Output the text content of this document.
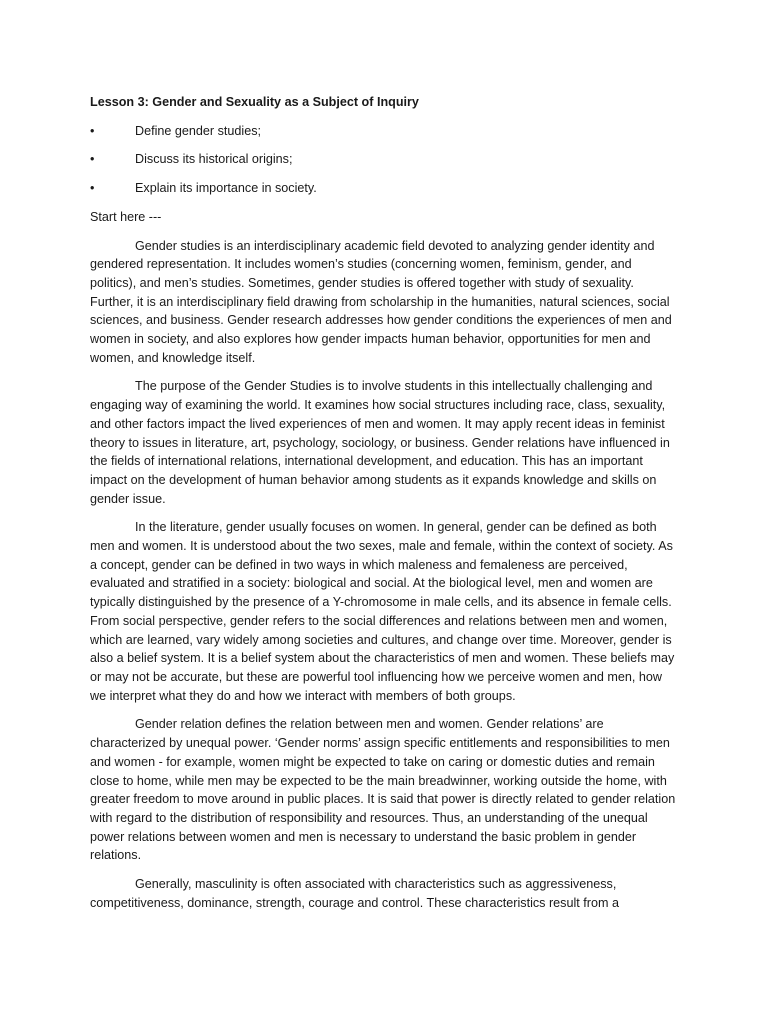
Lesson 3: Gender and Sexuality as a Subject of Inquiry
•	Define gender studies;
•	Discuss its historical origins;
•	Explain its importance in society.
Start here ---

Gender studies is an interdisciplinary academic field devoted to analyzing gender identity and gendered representation. It includes women’s studies (concerning women, feminism, gender, and politics), and men’s studies. Sometimes, gender studies is offered together with study of sexuality. Further, it is an interdisciplinary field drawing from scholarship in the humanities, natural sciences, social sciences, and business. Gender research addresses how gender conditions the experiences of men and women in society, and also explores how gender impacts human behavior, opportunities for men and women, and knowledge itself.

The purpose of the Gender Studies is to involve students in this intellectually challenging and engaging way of examining the world. It examines how social structures including race, class, sexuality, and other factors impact the lived experiences of men and women. It may apply recent ideas in feminist theory to issues in literature, art, psychology, sociology, or business. Gender relations have influenced in the fields of international relations, international development, and education. This has an important impact on the development of human behavior among students as it expands knowledge and skills on gender issue.

In the literature, gender usually focuses on women. In general, gender can be defined as both men and women. It is understood about the two sexes, male and female, within the context of society. As a concept, gender can be defined in two ways in which maleness and femaleness are perceived, evaluated and stratified in a society: biological and social. At the biological level, men and women are typically distinguished by the presence of a Y-chromosome in male cells, and its absence in female cells. From social perspective, gender refers to the social differences and relations between men and women, which are learned, vary widely among societies and cultures, and change over time. Moreover, gender is also a belief system. It is a belief system about the characteristics of men and women. These beliefs may or may not be accurate, but these are powerful tool influencing how we perceive women and men, how we interpret what they do and how we interact with members of both groups.

Gender relation defines the relation between men and women. Gender relations’ are characterized by unequal power. ‘Gender norms’ assign specific entitlements and responsibilities to men and women - for example, women might be expected to take on caring or domestic duties and remain close to home, while men may be expected to be the main breadwinner, working outside the home, with greater freedom to move around in public places. It is said that power is directly related to gender relation with regard to the distribution of responsibility and resources. Thus, an understanding of the unequal power relations between women and men is necessary to understand the basic problem in gender relations.

Generally, masculinity is often associated with characteristics such as aggressiveness, competitiveness, dominance, strength, courage and control. These characteristics result from a
